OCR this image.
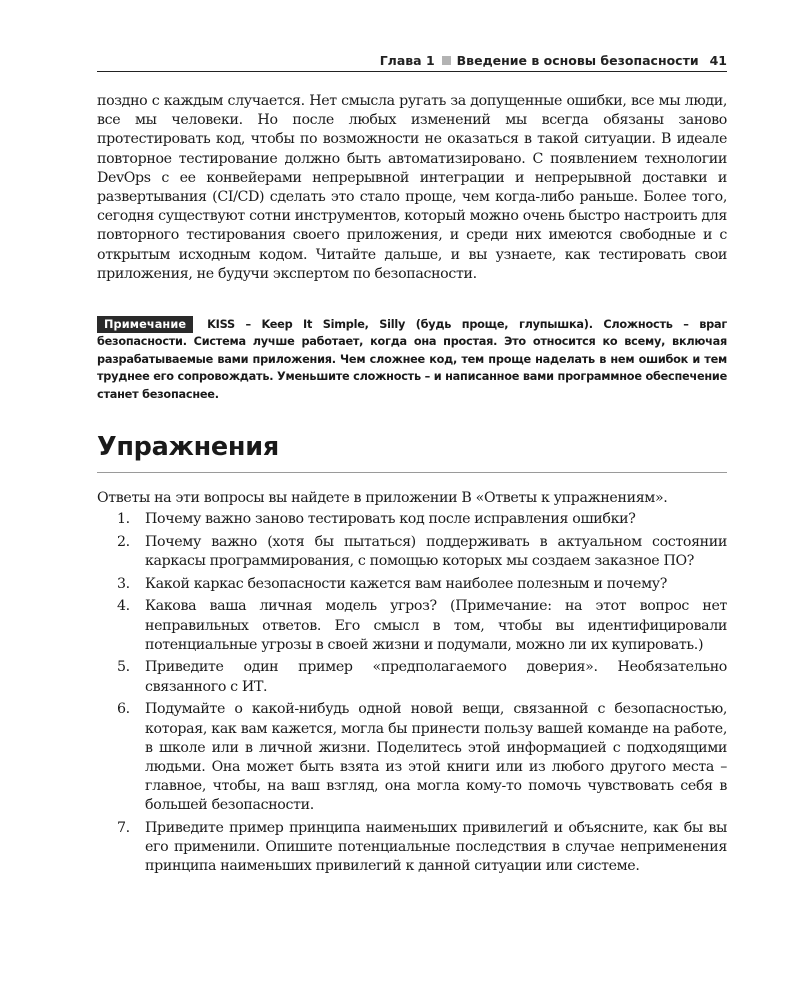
Глава 1 Введение в основы безопасности 41

поздно с каждым случается. Нет смысла ругать за допущенные ошибки, все мы люди, все мы человеки. Но после любых изменений мы всегда обязаны заново протестировать код, чтобы по возможности не оказаться в такой ситуации. В идеале повторное тестирование должно быть автоматизировано. С появлением технологии DevOps с ее конвейерами непрерывной интеграции и непрерывной доставки и развертывания (CI/CD) сделать это стало проще, чем когда-либо раньше. Более того, сегодня существуют сотни инструментов, который можно очень быстро настроить для повторного тестирования своего приложения, и среди них имеются свободные и с открытым исходным кодом. Читайте дальше, и вы узнаете, как тестировать свои приложения, не будучи экспертом по безопасности.

Примечание KISS – Keep It Simple, Silly (будь проще, глупышка). Сложность – враг безопасности. Система лучше работает, когда она простая. Это относится ко всему, включая разрабатываемые вами приложения. Чем сложнее код, тем проще наделать в нем ошибок и тем труднее его сопровождать. Уменьшите сложность – и написанное вами программное обеспечение станет безопаснее.

Упражнения

Ответы на эти вопросы вы найдете в приложении B «Ответы к упражнениям».

1.	Почему важно заново тестировать код после исправления ошибки?
2.	Почему важно (хотя бы пытаться) поддерживать в актуальном состоянии каркасы программирования, с помощью которых мы создаем заказное ПО?
3.	Какой каркас безопасности кажется вам наиболее полезным и почему?
4.	Какова ваша личная модель угроз? (Примечание: на этот вопрос нет неправильных ответов. Его смысл в том, чтобы вы идентифицировали потенциальные угрозы в своей жизни и подумали, можно ли их купировать.)
5.	Приведите один пример «предполагаемого доверия». Необязательно связанного с ИТ.
6.	Подумайте о какой-нибудь одной новой вещи, связанной с безопасностью, которая, как вам кажется, могла бы принести пользу вашей команде на работе, в школе или в личной жизни. Поделитесь этой информацией с подходящими людьми. Она может быть взята из этой книги или из любого другого места – главное, чтобы, на ваш взгляд, она могла кому-то помочь чувствовать себя в большей безопасности.
7.	Приведите пример принципа наименьших привилегий и объясните, как бы вы его применили. Опишите потенциальные последствия в случае неприменения принципа наименьших привилегий к данной ситуации или системе.
